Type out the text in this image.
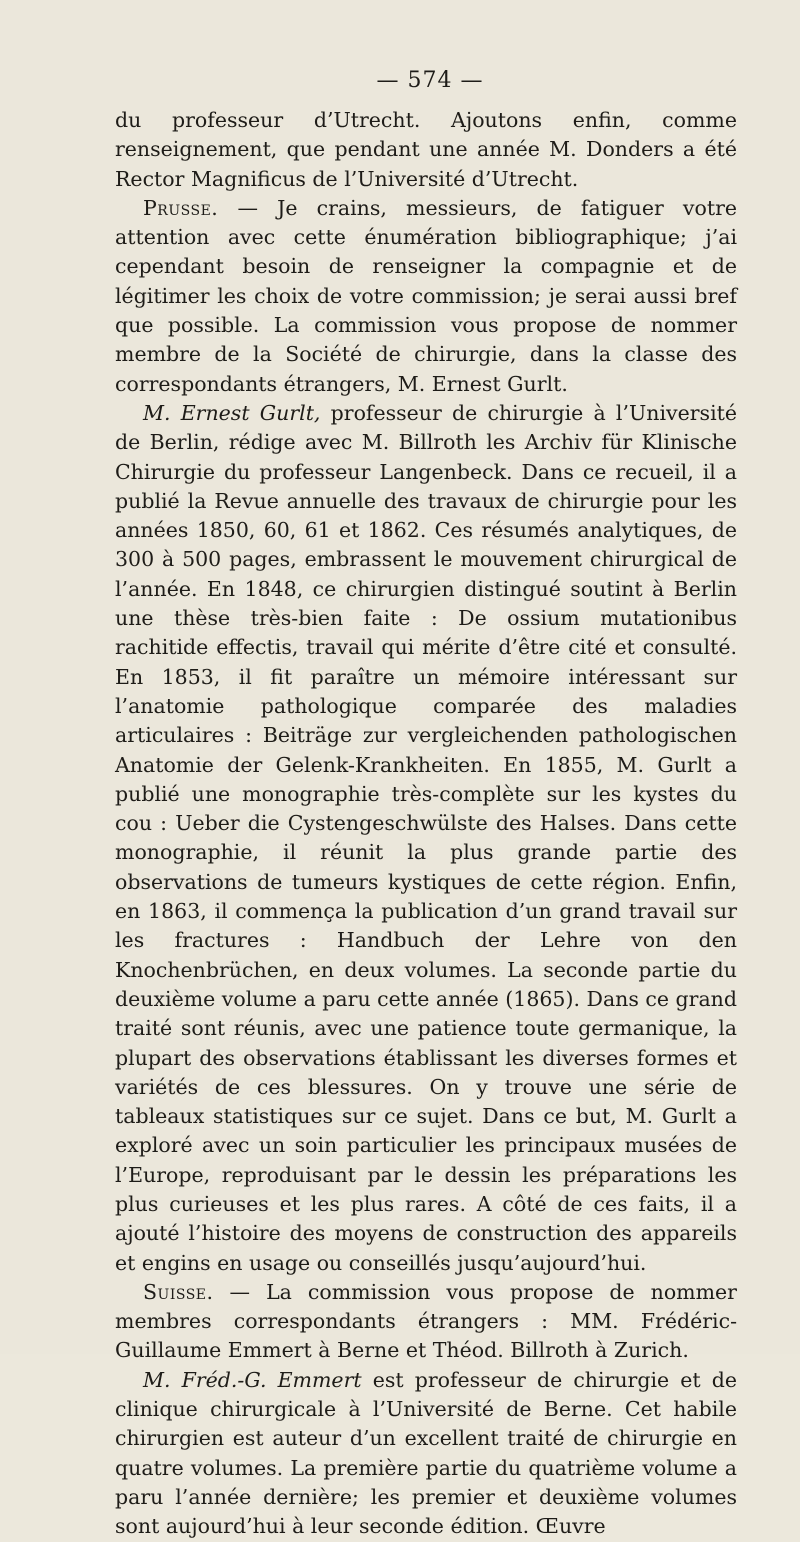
— 574 —

du professeur d’Utrecht. Ajoutons enfin, comme renseignement, que pendant une année M. Donders a été Rector Magnificus de l’Université d’Utrecht.

Prusse. — Je crains, messieurs, de fatiguer votre attention avec cette énumération bibliographique; j’ai cependant besoin de renseigner la compagnie et de légitimer les choix de votre commission; je serai aussi bref que possible. La commission vous propose de nommer membre de la Société de chirurgie, dans la classe des correspondants étrangers, M. Ernest Gurlt.

M. Ernest Gurlt, professeur de chirurgie à l’Université de Berlin, rédige avec M. Billroth les Archiv für Klinische Chirurgie du professeur Langenbeck. Dans ce recueil, il a publié la Revue annuelle des travaux de chirurgie pour les années 1850, 60, 61 et 1862. Ces résumés analytiques, de 300 à 500 pages, embrassent le mouvement chirurgical de l’année. En 1848, ce chirurgien distingué soutint à Berlin une thèse très-bien faite : De ossium mutationibus rachitide effectis, travail qui mérite d’être cité et consulté. En 1853, il fit paraître un mémoire intéressant sur l’anatomie pathologique comparée des maladies articulaires : Beiträge zur vergleichenden pathologischen Anatomie der Gelenk-Krankheiten. En 1855, M. Gurlt a publié une monographie très-complète sur les kystes du cou : Ueber die Cystengeschwülste des Halses. Dans cette monographie, il réunit la plus grande partie des observations de tumeurs kystiques de cette région. Enfin, en 1863, il commença la publication d’un grand travail sur les fractures : Handbuch der Lehre von den Knochenbrüchen, en deux volumes. La seconde partie du deuxième volume a paru cette année (1865). Dans ce grand traité sont réunis, avec une patience toute germanique, la plupart des observations établissant les diverses formes et variétés de ces blessures. On y trouve une série de tableaux statistiques sur ce sujet. Dans ce but, M. Gurlt a exploré avec un soin particulier les principaux musées de l’Europe, reproduisant par le dessin les préparations les plus curieuses et les plus rares. A côté de ces faits, il a ajouté l’histoire des moyens de construction des appareils et engins en usage ou conseillés jusqu’aujourd’hui.

Suisse. — La commission vous propose de nommer membres correspondants étrangers : MM. Frédéric-Guillaume Emmert à Berne et Théod. Billroth à Zurich.

M. Fréd.-G. Emmert est professeur de chirurgie et de clinique chirurgicale à l’Université de Berne. Cet habile chirurgien est auteur d’un excellent traité de chirurgie en quatre volumes. La première partie du quatrième volume a paru l’année dernière; les premier et deuxième volumes sont aujourd’hui à leur seconde édition. Œuvre
